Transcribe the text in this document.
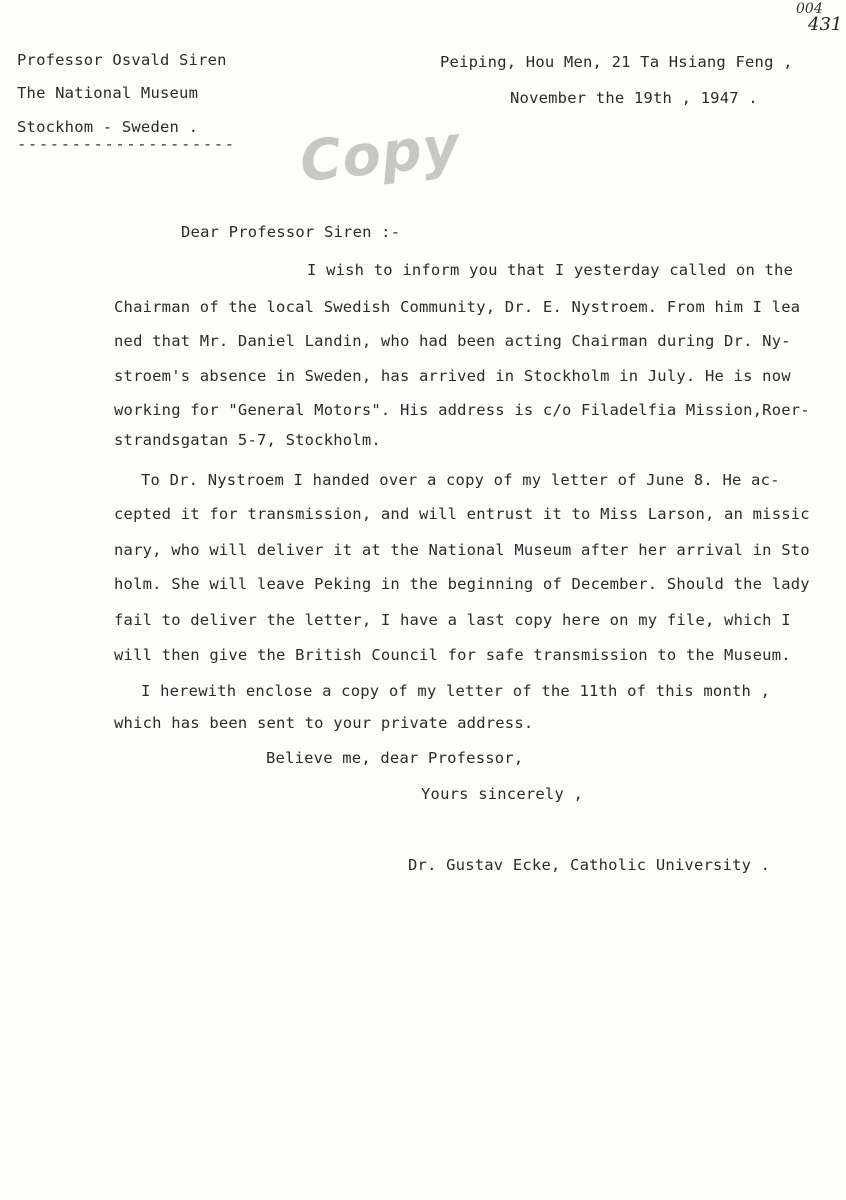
004
431
Copy
Professor Osvald Siren
The National Museum
Stockhom - Sweden .
--------------------
Peiping, Hou Men, 21 Ta Hsiang Feng ,
November the 19th , 1947 .
Dear Professor Siren :-
I wish to inform you that I yesterday called on the
Chairman of the local Swedish Community, Dr. E. Nystroem. From him I lea
ned that Mr. Daniel Landin, who had been acting Chairman during Dr. Ny-
stroem's absence in Sweden, has arrived in Stockholm in July. He is now
working for "General Motors". His address is c/o Filadelfia Mission,Roer-
strandsgatan 5-7, Stockholm.
To Dr. Nystroem I handed over a copy of my letter of June 8. He ac-
cepted it for transmission, and will entrust it to Miss Larson, an missic
nary, who will deliver it at the National Museum after her arrival in Sto
holm. She will leave Peking in the beginning of December. Should the lady
fail to deliver the letter, I have a last copy here on my file, which I
will then give the British Council for safe transmission to the Museum.
I herewith enclose a copy of my letter of the 11th of this month ,
which has been sent to your private address.
Believe me, dear Professor,
Yours sincerely ,
Dr. Gustav Ecke, Catholic University .
